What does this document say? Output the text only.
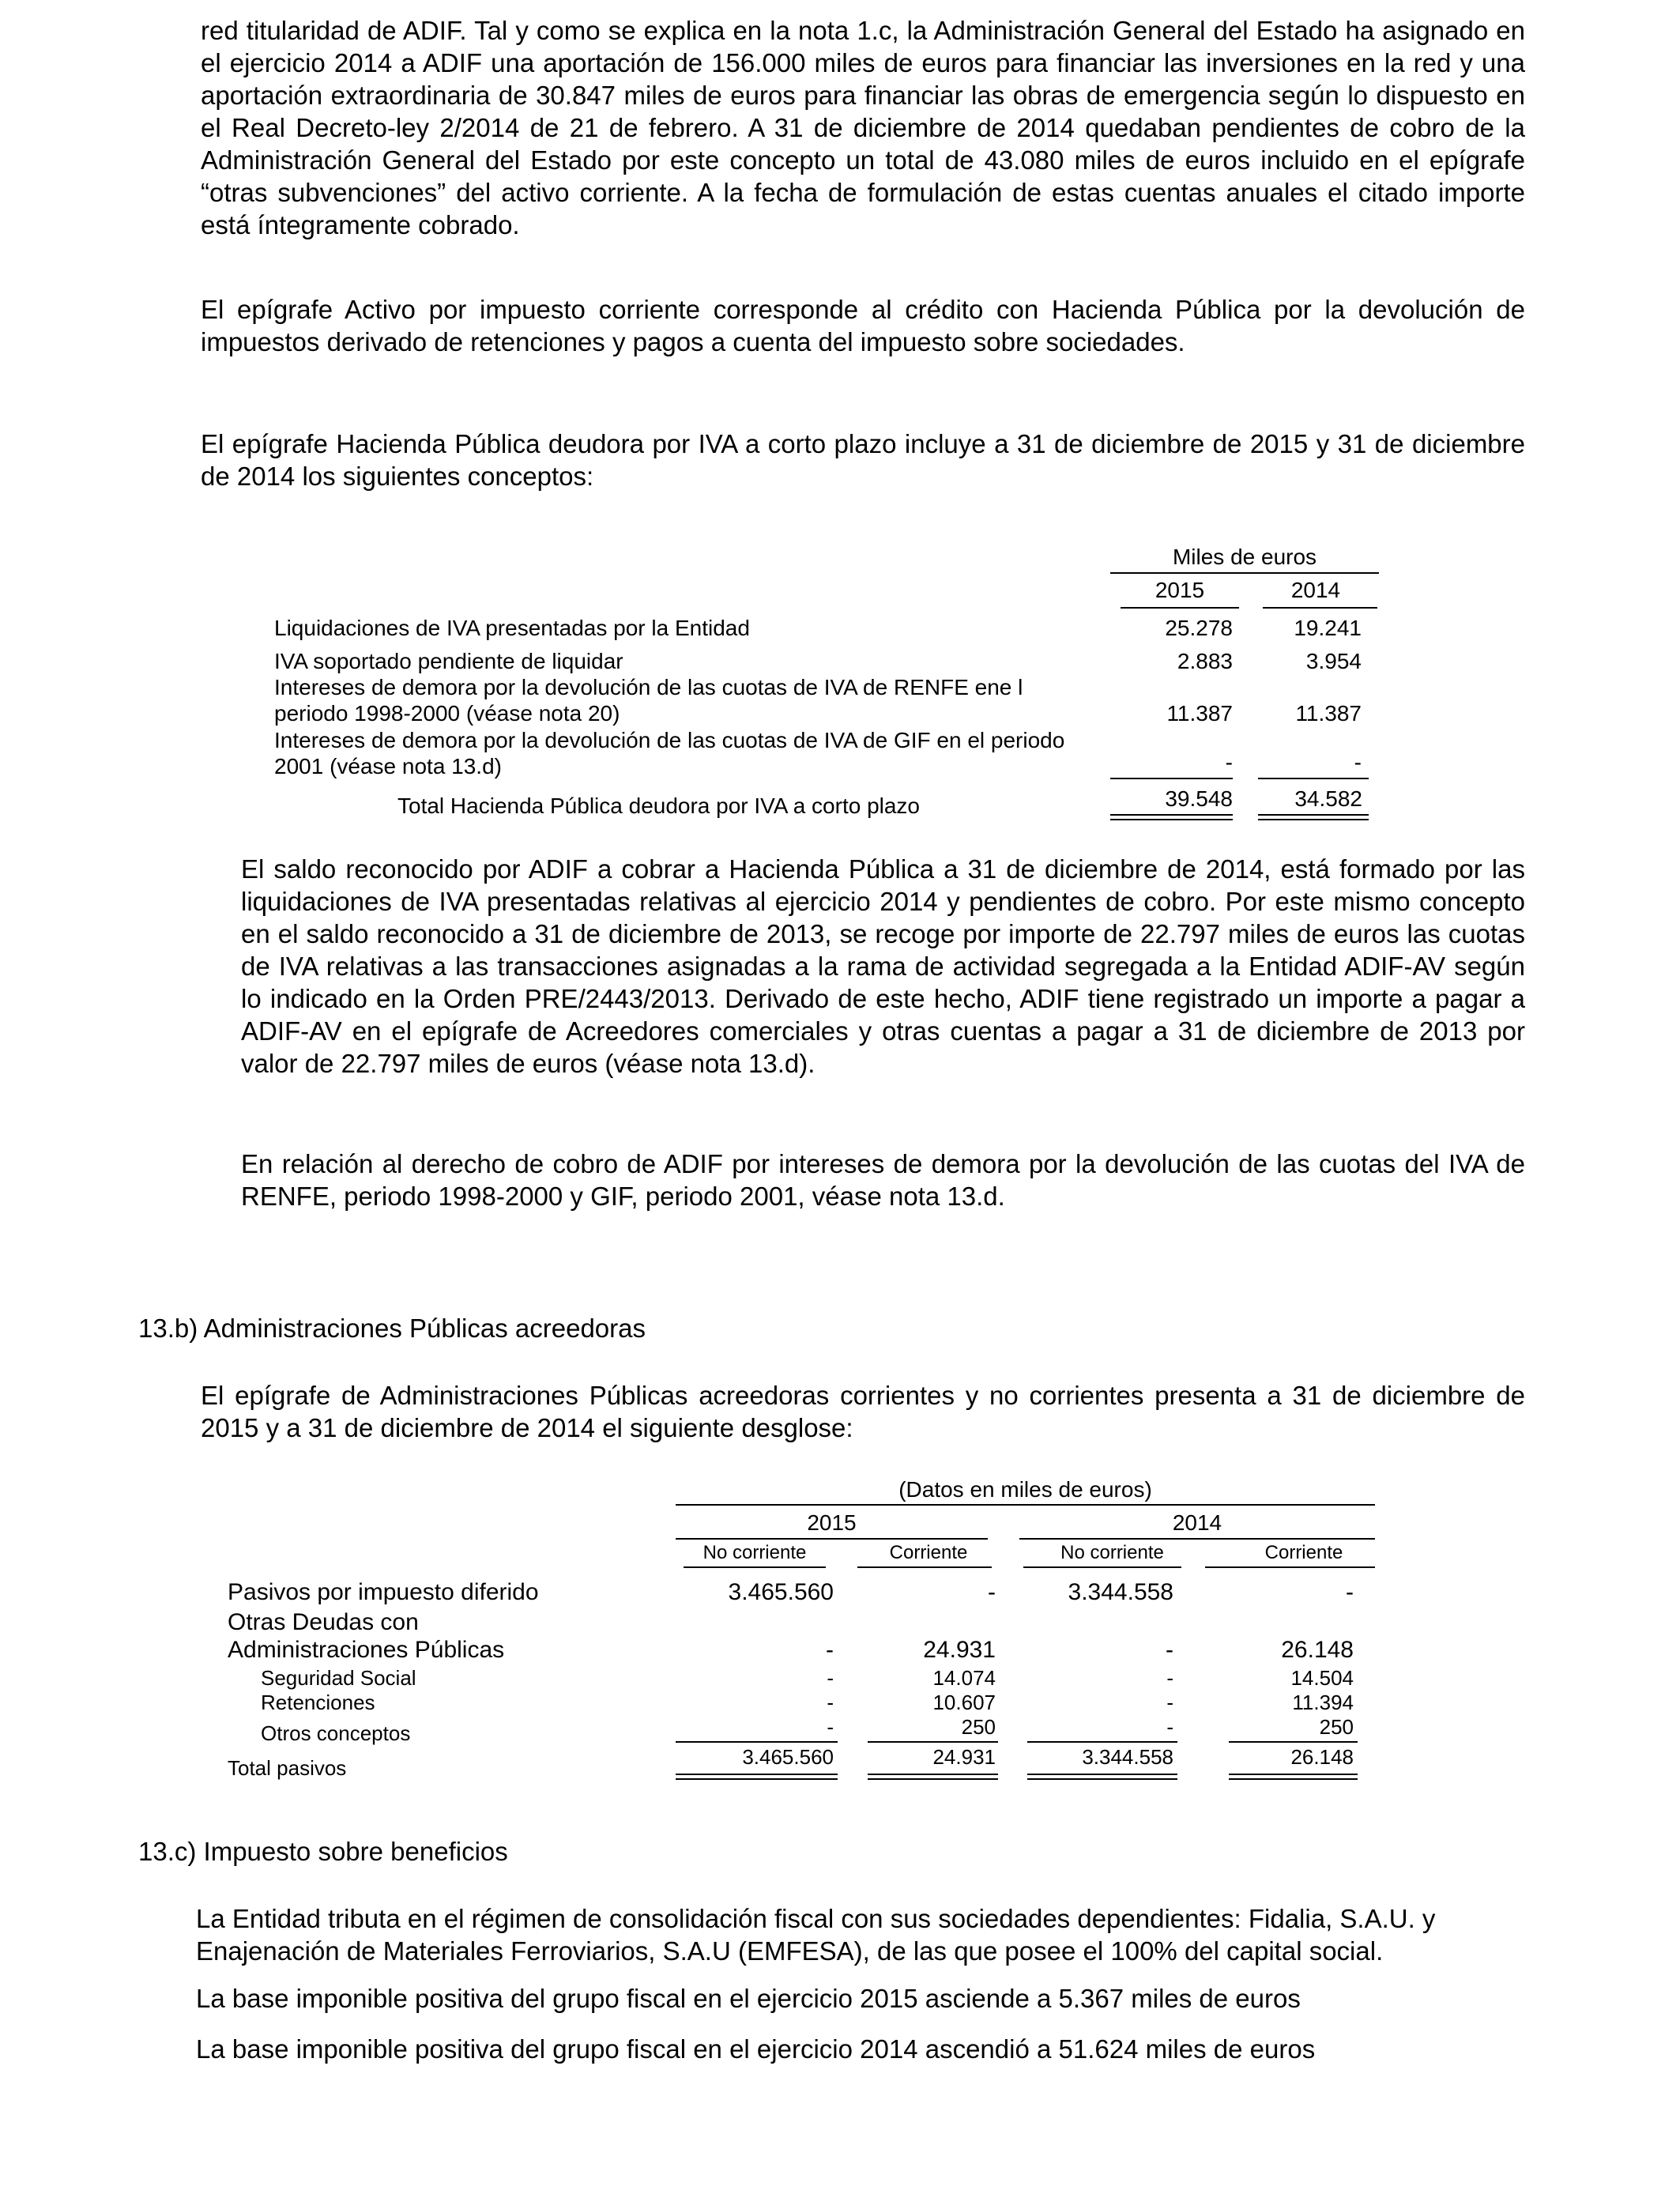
red titularidad de ADIF. Tal y como se explica en la nota 1.c, la Administración General del Estado ha asignado en el ejercicio 2014 a ADIF una aportación de 156.000 miles de euros para financiar las inversiones en la red y una aportación extraordinaria de 30.847 miles de euros para financiar las obras de emergencia según lo dispuesto en el Real Decreto-ley 2/2014 de 21 de febrero. A 31 de diciembre de 2014 quedaban pendientes de cobro de la Administración General del Estado por este concepto un total de 43.080 miles de euros incluido en el epígrafe “otras subvenciones” del activo corriente. A la fecha de formulación de estas cuentas anuales el citado importe está íntegramente cobrado.

El epígrafe Activo por impuesto corriente corresponde al crédito con Hacienda Pública por la devolución de impuestos derivado de retenciones y pagos a cuenta del impuesto sobre sociedades.

El epígrafe Hacienda Pública deudora por IVA a corto plazo incluye a 31 de diciembre de 2015 y 31 de diciembre de 2014 los siguientes conceptos:

Miles de euros
2015	2014
Liquidaciones de IVA presentadas por la Entidad	25.278	19.241
IVA soportado pendiente de liquidar	2.883	3.954
Intereses de demora por la devolución de las cuotas de IVA de RENFE ene l
periodo 1998-2000 (véase nota 20)	11.387	11.387
Intereses de demora por la devolución de las cuotas de IVA de GIF en el periodo
2001 (véase nota 13.d)	-	-
Total Hacienda Pública deudora por IVA a corto plazo	39.548	34.582

El saldo reconocido por ADIF a cobrar a Hacienda Pública a 31 de diciembre de 2014, está formado por las liquidaciones de IVA presentadas relativas al ejercicio 2014 y pendientes de cobro. Por este mismo concepto en el saldo reconocido a 31 de diciembre de 2013, se recoge por importe de 22.797 miles de euros las cuotas de IVA relativas a las transacciones asignadas a la rama de actividad segregada a la Entidad ADIF-AV según lo indicado en la Orden PRE/2443/2013. Derivado de este hecho, ADIF tiene registrado un importe a pagar a ADIF-AV en el epígrafe de Acreedores comerciales y otras cuentas a pagar a 31 de diciembre de 2013 por valor de 22.797 miles de euros (véase nota 13.d).

En relación al derecho de cobro de ADIF por intereses de demora por la devolución de las cuotas del IVA de RENFE, periodo 1998-2000 y GIF, periodo 2001, véase nota 13.d.

13.b) Administraciones Públicas acreedoras

El epígrafe de Administraciones Públicas acreedoras corrientes y no corrientes presenta a 31 de diciembre de 2015 y a 31 de diciembre de 2014 el siguiente desglose:

(Datos en miles de euros)
2015	2014
No corriente	Corriente	No corriente	Corriente
Pasivos por impuesto diferido	3.465.560	-	3.344.558	-
Otras Deudas con
Administraciones Públicas	-	24.931	-	26.148
Seguridad Social	-	14.074	-	14.504
Retenciones	-	10.607	-	11.394
Otros conceptos	-	250	-	250
Total pasivos	3.465.560	24.931	3.344.558	26.148
13.c) Impuesto sobre beneficios

La Entidad tributa en el régimen de consolidación fiscal con sus sociedades dependientes: Fidalia, S.A.U. y Enajenación de Materiales Ferroviarios, S.A.U (EMFESA), de las que posee el 100% del capital social.

La base imponible positiva del grupo fiscal en el ejercicio 2015 asciende a 5.367 miles de euros

La base imponible positiva del grupo fiscal en el ejercicio 2014 ascendió a 51.624 miles de euros
